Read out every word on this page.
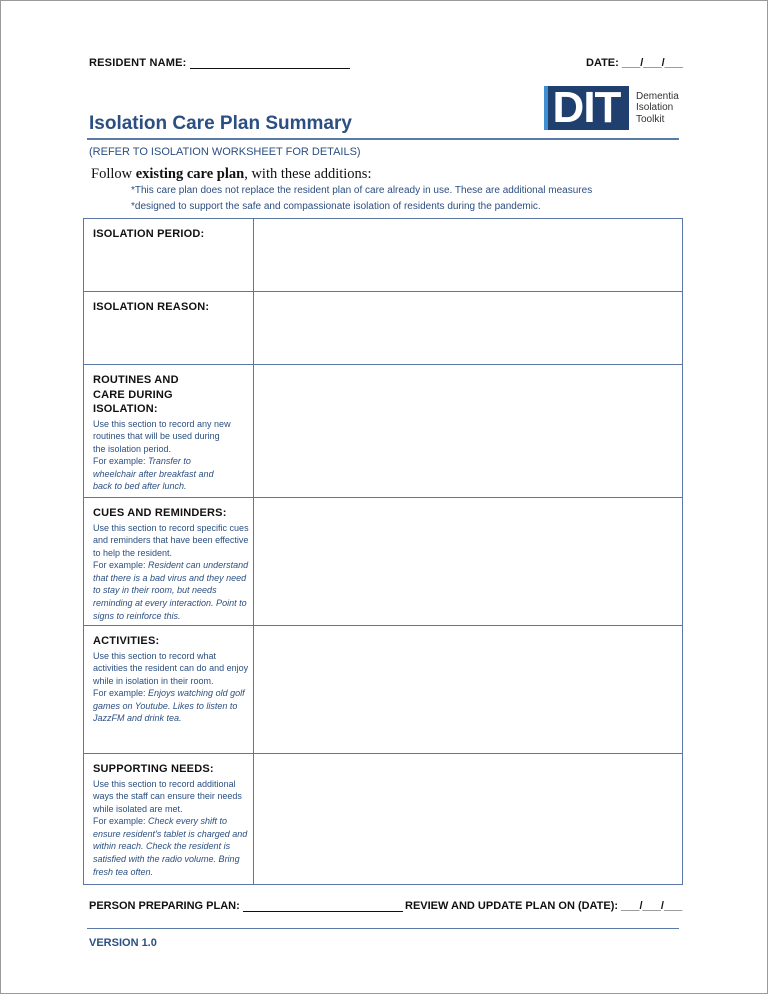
RESIDENT NAME:	DATE: ___/___/___
DIT	Dementia
Isolation
Toolkit
Isolation Care Plan Summary
(REFER TO ISOLATION WORKSHEET FOR DETAILS)
Follow existing care plan, with these additions:
*This care plan does not replace the resident plan of care already in use. These are additional measures
*designed to support the safe and compassionate isolation of residents during the pandemic.
ISOLATION PERIOD:
ISOLATION REASON:
ROUTINES AND CARE DURING ISOLATION:
Use this section to record any new routines that will be used during the isolation period.
For example: Transfer to wheelchair after breakfast and back to bed after lunch.
CUES AND REMINDERS:
Use this section to record specific cues and reminders that have been effective to help the resident.
For example: Resident can understand that there is a bad virus and they need to stay in their room, but needs reminding at every interaction. Point to signs to reinforce this.
ACTIVITIES:
Use this section to record what activities the resident can do and enjoy while in isolation in their room.
For example: Enjoys watching old golf games on Youtube. Likes to listen to JazzFM and drink tea.
SUPPORTING NEEDS:
Use this section to record additional ways the staff can ensure their needs while isolated are met.
For example: Check every shift to ensure resident's tablet is charged and within reach. Check the resident is satisfied with the radio volume. Bring fresh tea often.
PERSON PREPARING PLAN:	REVIEW AND UPDATE PLAN ON (DATE): ___/___/___
VERSION 1.0
